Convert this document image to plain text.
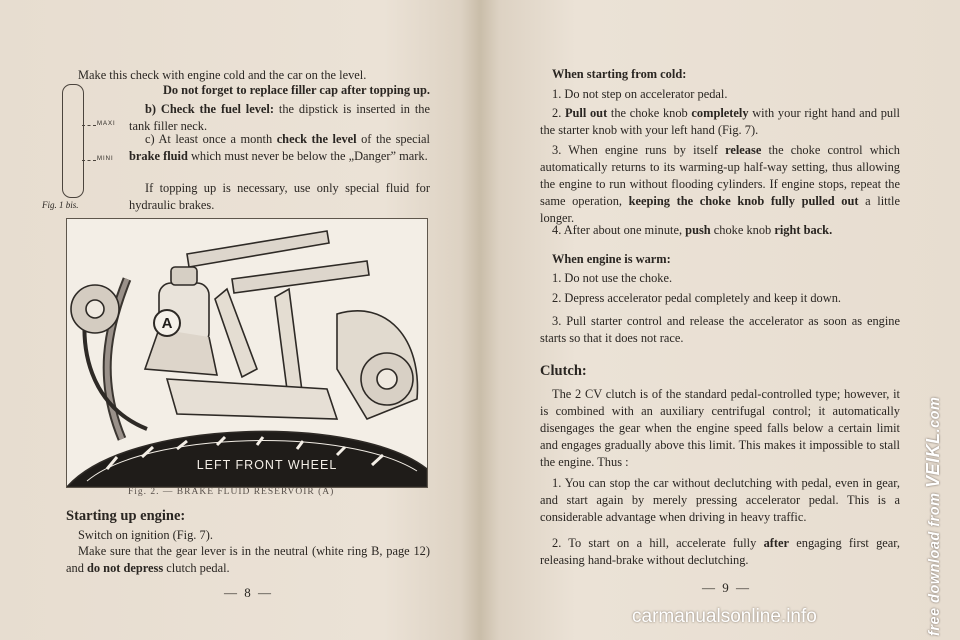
Make this check with engine cold and the car on the level.

Do not forget to replace filler cap after topping up.

b) Check the fuel level: the dipstick is inserted in the tank filler neck.

c) At least once a month check the level of the special brake fluid which must never be below the „Danger” mark.

If topping up is necessary, use only special fluid for hydraulic brakes.

MAXI
MINI
Fig. 1 bis.
A
LEFT FRONT WHEEL
Fig. 2. — BRAKE FLUID RESERVOIR (A)
Starting up engine:

Switch on ignition (Fig. 7).

Make sure that the gear lever is in the neutral (white ring B, page 12) and do not depress clutch pedal.

— 8 —
When starting from cold:

1. Do not step on accelerator pedal.

2. Pull out the choke knob completely with your right hand and pull the starter knob with your left hand (Fig. 7).

3. When engine runs by itself release the choke control which automatically returns to its warming-up half-way setting, thus allowing the engine to run without flooding cylinders. If engine stops, repeat the same operation, keeping the choke knob fully pulled out a little longer.

4. After about one minute, push choke knob right back.

When engine is warm:

1. Do not use the choke.

2. Depress accelerator pedal completely and keep it down.

3. Pull starter control and release the accelerator as soon as engine starts so that it does not race.

Clutch:

The 2 CV clutch is of the standard pedal-controlled type; however, it is combined with an auxiliary centrifugal control; it automatically disengages the gear when the engine speed falls below a certain limit and engages gradually above this limit. This makes it impossible to stall the engine. Thus :

1. You can stop the car without declutching with pedal, even in gear, and start again by merely pressing accelerator pedal. This is a considerable advantage when driving in heavy traffic.

2. To start on a hill, accelerate fully after engaging first gear, releasing hand-brake without declutching.

— 9 —	free download from VEIKL.com
carmanualsonline.info
